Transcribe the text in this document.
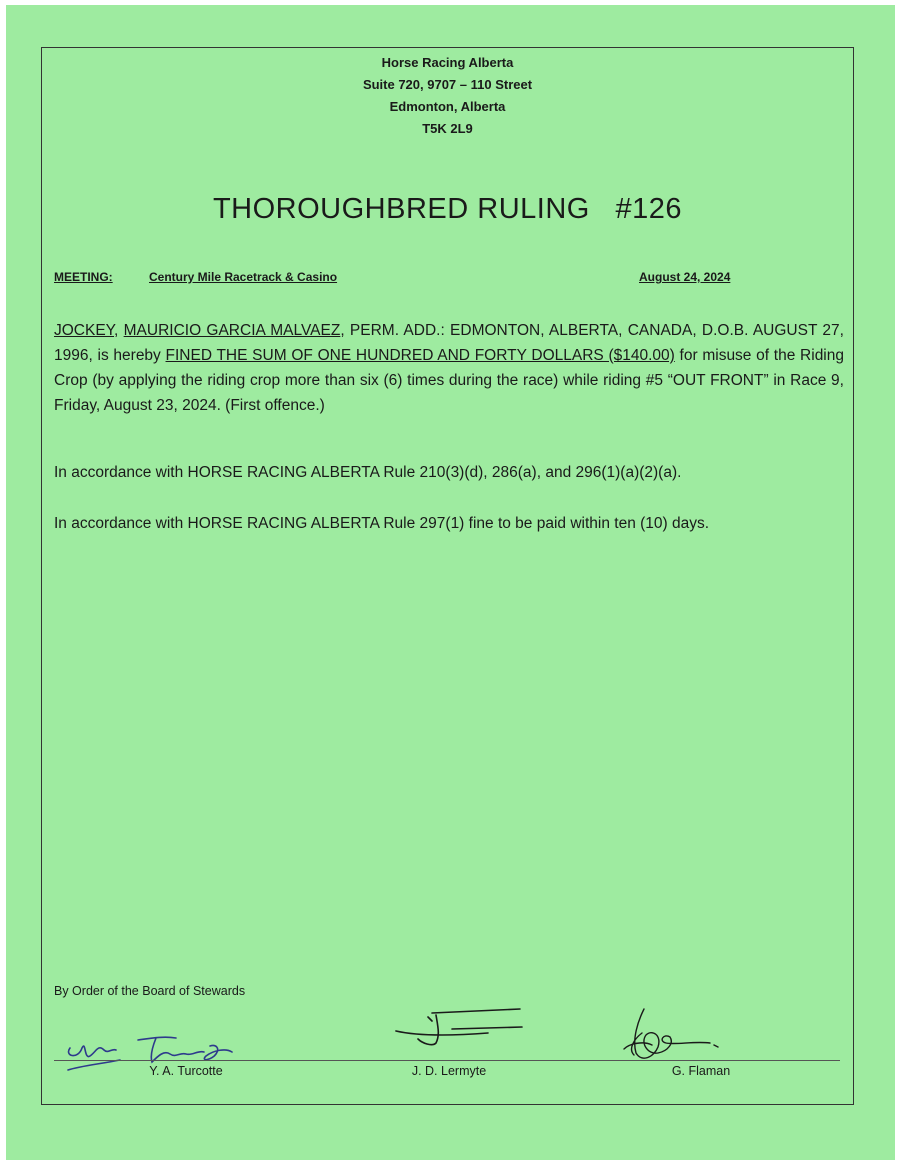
Horse Racing Alberta
Suite 720, 9707 – 110 Street
Edmonton, Alberta
T5K 2L9
THOROUGHBRED RULING   #126
MEETING:	Century Mile Racetrack & Casino	August 24, 2024

JOCKEY, MAURICIO GARCIA MALVAEZ, PERM. ADD.: EDMONTON, ALBERTA, CANADA, D.O.B. AUGUST 27, 1996, is hereby FINED THE SUM OF ONE HUNDRED AND FORTY DOLLARS ($140.00) for misuse of the Riding Crop (by applying the riding crop more than six (6) times during the race) while riding #5 “OUT FRONT” in Race 9, Friday, August 23, 2024. (First offence.)

In accordance with HORSE RACING ALBERTA Rule 210(3)(d), 286(a), and 296(1)(a)(2)(a).

In accordance with HORSE RACING ALBERTA Rule 297(1) fine to be paid within ten (10) days.

By Order of the Board of Stewards
Y. A. Turcotte	J. D. Lermyte	G. Flaman
